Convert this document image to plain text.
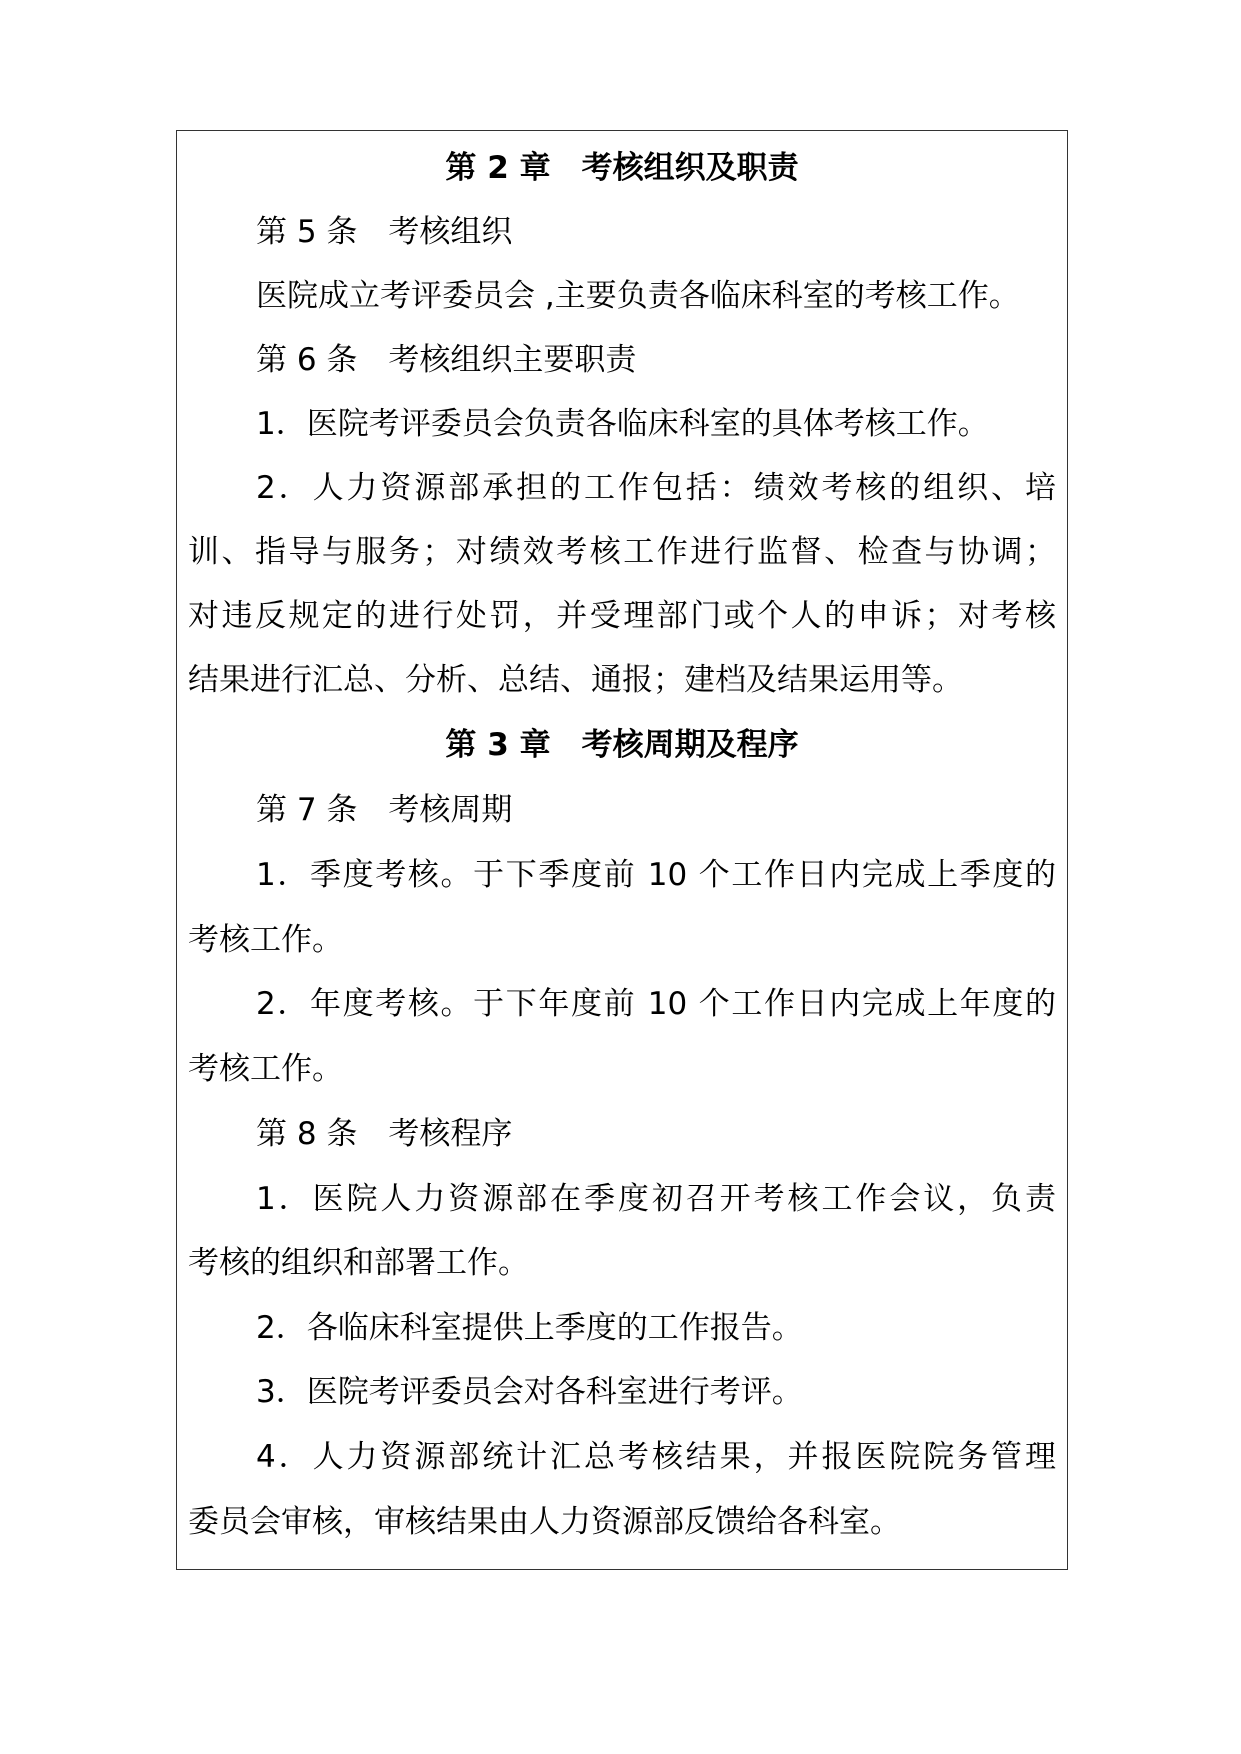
第 2 章　考核组织及职责
第 5 条　考核组织
医院成立考评委员会 ,主要负责各临床科室的考核工作。
第 6 条　考核组织主要职责
1．医院考评委员会负责各临床科室的具体考核工作。
2．人力资源部承担的工作包括：绩效考核的组织、培
训、指导与服务；对绩效考核工作进行监督、检查与协调；
对违反规定的进行处罚，并受理部门或个人的申诉；对考核
结果进行汇总、分析、总结、通报；建档及结果运用等。
第 3 章　考核周期及程序
第 7 条　考核周期
1．季度考核。于下季度前 10 个工作日内完成上季度的
考核工作。
2．年度考核。于下年度前 10 个工作日内完成上年度的
考核工作。
第 8 条　考核程序
1．医院人力资源部在季度初召开考核工作会议，负责
考核的组织和部署工作。
2．各临床科室提供上季度的工作报告。
3．医院考评委员会对各科室进行考评。
4．人力资源部统计汇总考核结果，并报医院院务管理
委员会审核，审核结果由人力资源部反馈给各科室。
